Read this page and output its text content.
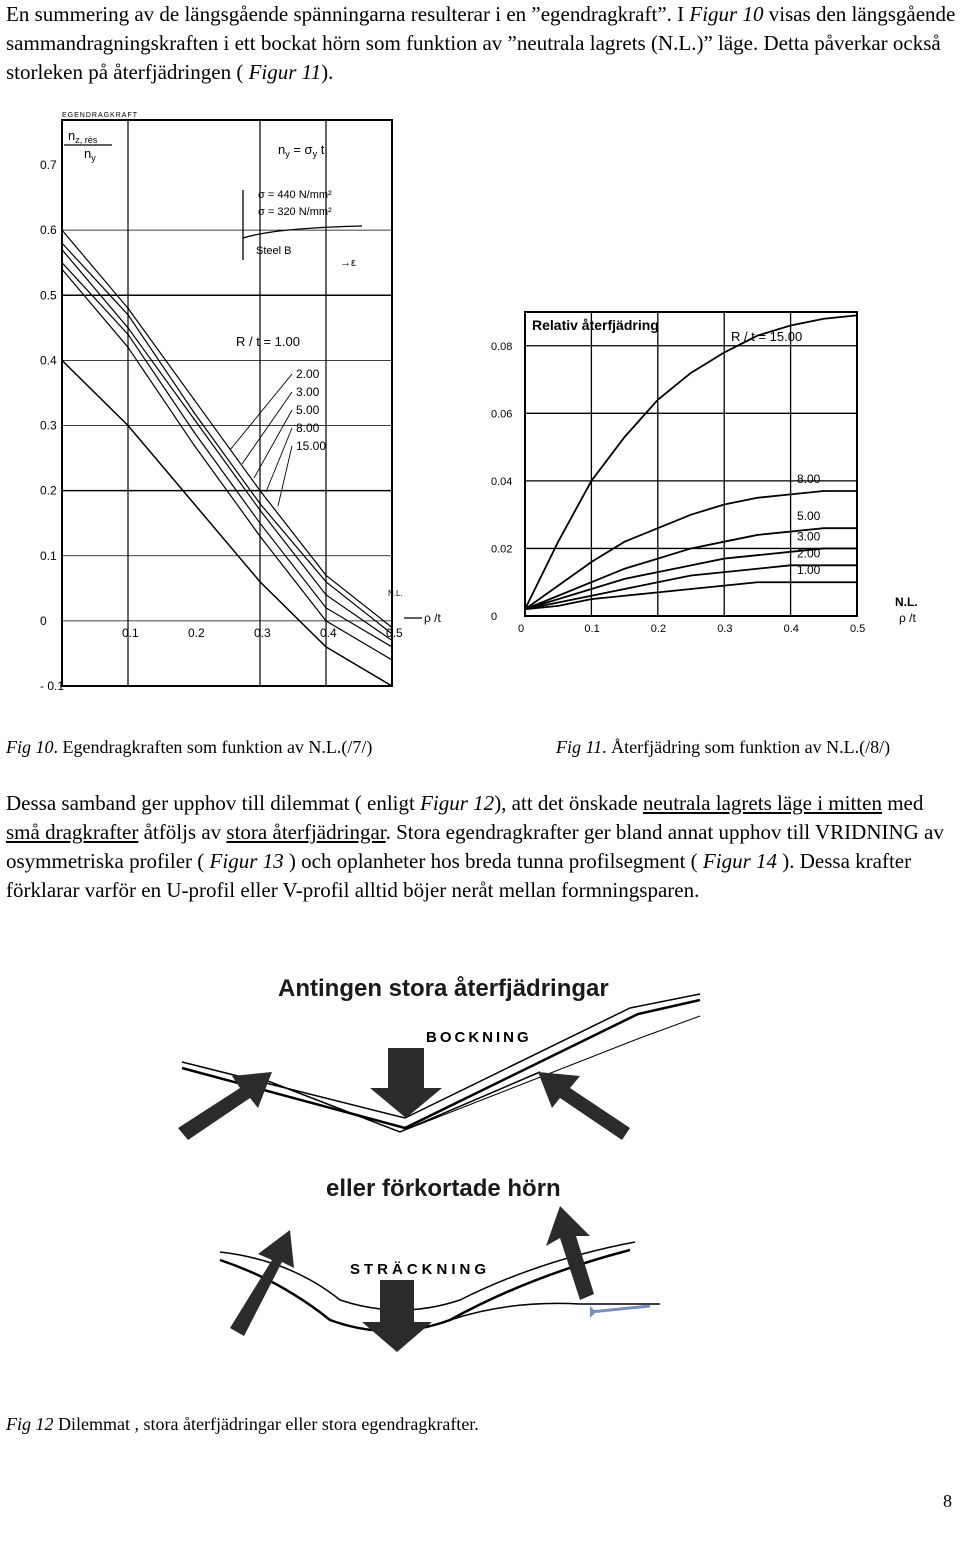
En summering av de längsgående spänningarna resulterar i en ”egendragkraft”. I Figur 10 visas den längsgående sammandragningskraften i ett bockat hörn som funktion av ”neutrala lagrets (N.L.)” läge. Detta påverkar också storleken på återfjädringen ( Figur 11).

0.7
0.6
0.5
0.4
0.3
0.2
0.1
0
- 0.1
0.1	0.2	0.3	0.4	0.5
2.00
3.00
5.00
8.00
15.00
EGENDRAGKRAFT
$n_{z, rès}$
$n_y$
$n_y = \sigma_y$ t
σ = 440 N/mm²
σ = 320 N/mm²
Steel B
→ε
R / t = 1.00
N.L.
ρ /t
0.08
0.06
0.04
0.02
0
0	0.1	0.2	0.3	0.4	0.5
8.00
5.00
3.00
2.00
1.00
Relativ återfjädring
R / t = 15.00
N.L.
ρ /t
Fig 10. Egendragkraften som funktion av N.L.(/7/)	Fig 11. Återfjädring som funktion av N.L.(/8/)

Dessa samband ger upphov till dilemmat ( enligt Figur 12), att det önskade neutrala lagrets läge i mitten med små dragkrafter åtföljs av stora återfjädringar. Stora egendragkrafter ger bland annat upphov till VRIDNING av osymmetriska profiler ( Figur 13 ) och oplanheter hos breda tunna profilsegment ( Figur 14 ). Dessa krafter förklarar varför en U-profil eller V-profil alltid böjer neråt mellan formningsparen.

Antingen stora återfjädringar
BOCKNING
eller förkortade hörn
STRÄCKNING
Fig 12 Dilemmat , stora återfjädringar eller stora egendragkrafter.
8
